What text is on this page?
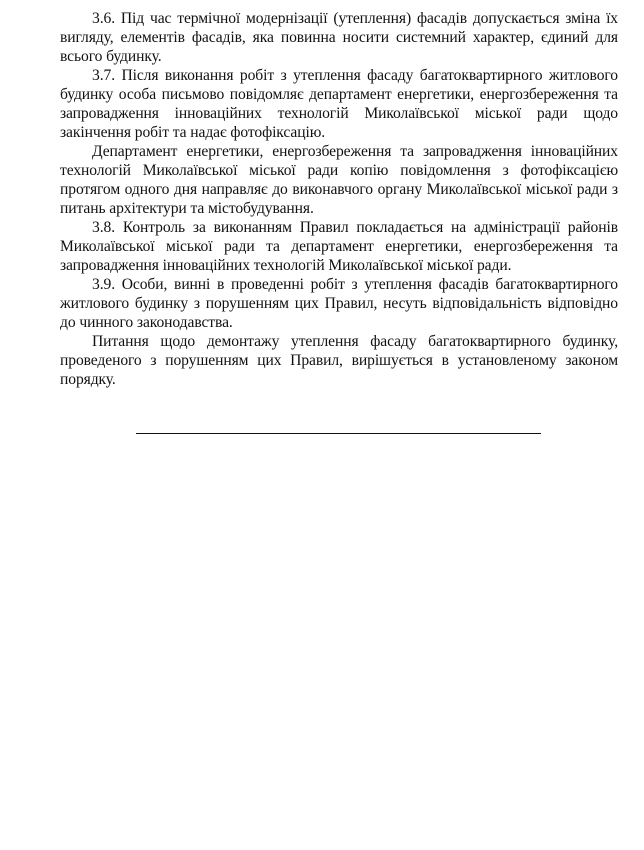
3.6. Під час термічної модернізації (утеплення) фасадів допускається зміна їх вигляду, елементів фасадів, яка повинна носити системний характер, єдиний для всього будинку.

3.7. Після виконання робіт з утеплення фасаду багатоквартирного житлового будинку особа письмово повідомляє департамент енергетики, енергозбереження та запровадження інноваційних технологій Миколаївської міської ради щодо закінчення робіт та надає фотофіксацію.

Департамент енергетики, енергозбереження та запровадження інноваційних технологій Миколаївської міської ради копію повідомлення з фотофіксацією протягом одного дня направляє до виконавчого органу Миколаївської міської ради з питань архітектури та містобудування.

3.8. Контроль за виконанням Правил покладається на адміністрації районів Миколаївської міської ради та департамент енергетики, енергозбереження та запровадження інноваційних технологій Миколаївської міської ради.

3.9. Особи, винні в проведенні робіт з утеплення фасадів багатоквартирного житлового будинку з порушенням цих Правил, несуть відповідальність відповідно до чинного законодавства.

Питання щодо демонтажу утеплення фасаду багатоквартирного будинку, проведеного з порушенням цих Правил, вирішується в установленому законом порядку.
